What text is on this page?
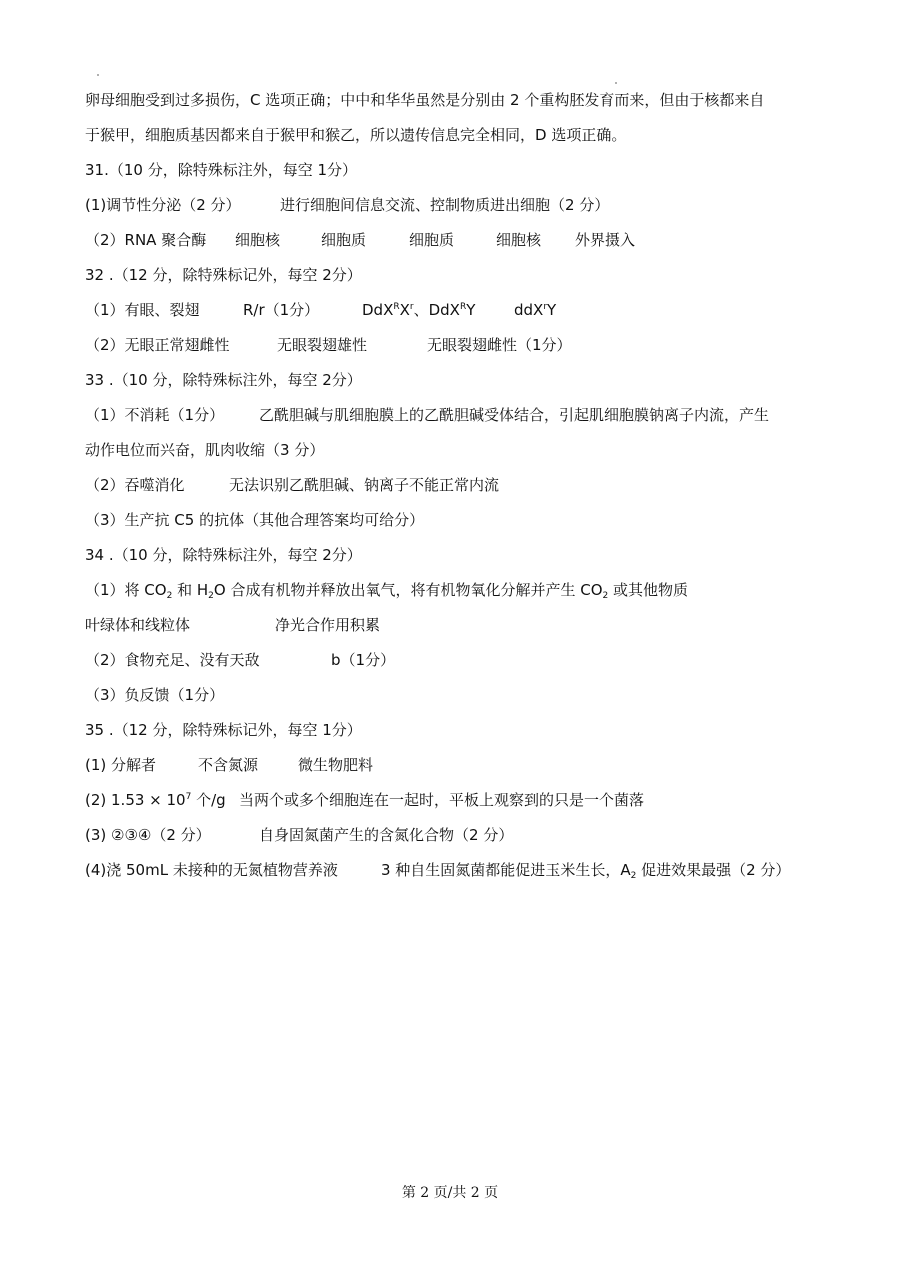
卵母细胞受到过多损伤，C 选项正确；中中和华华虽然是分别由 2 个重构胚发育而来，但由于核都来自
于猴甲，细胞质基因都来自于猴甲和猴乙，所以遗传信息完全相同，D 选项正确。
31.（10 分，除特殊标注外，每空 1分）
(1)调节性分泌（2 分）	进行细胞间信息交流、控制物质进出细胞（2 分）
（2）RNA 聚合酶 细胞核	细胞质	细胞质	细胞核 外界摄入
32 .（12 分，除特殊标记外，每空 2分）
（1）有眼、裂翅	R/r（1分）	$DdX^RX^r$、DdX$^R$Y	ddX$^r$Y
（2）无眼正常翅雌性	无眼裂翅雄性	无眼裂翅雌性（1分）
33 .（10 分，除特殊标注外，每空 2分）
（1）不消耗（1分） 乙酰胆碱与肌细胞膜上的乙酰胆碱受体结合，引起肌细胞膜钠离子内流，产生
动作电位而兴奋，肌肉收缩（3 分）
（2）吞噬消化	无法识别乙酰胆碱、钠离子不能正常内流
（3）生产抗 C5 的抗体（其他合理答案均可给分）
34 .（10 分，除特殊标注外，每空 2分）
（1）将 $CO_2$ 和 $H_2O$ 合成有机物并释放出氧气，将有机物氧化分解并产生 $CO_2$ 或其他物质
叶绿体和线粒体	净光合作用积累
（2）食物充足、没有天敌	b（1分）
（3）负反馈（1分）
35 .（12 分，除特殊标记外，每空 1分）
(1) 分解者	不含氮源	微生物肥料
(2) $1.53 \times 10^7$ 个/g 当两个或多个细胞连在一起时，平板上观察到的只是一个菌落
(3) ②③④（2 分）	自身固氮菌产生的含氮化合物（2 分）
(4)浇 50mL 未接种的无氮植物营养液	3 种自生固氮菌都能促进玉米生长，$A_2$ 促进效果最强（2 分）
第 2 页/共 2 页
